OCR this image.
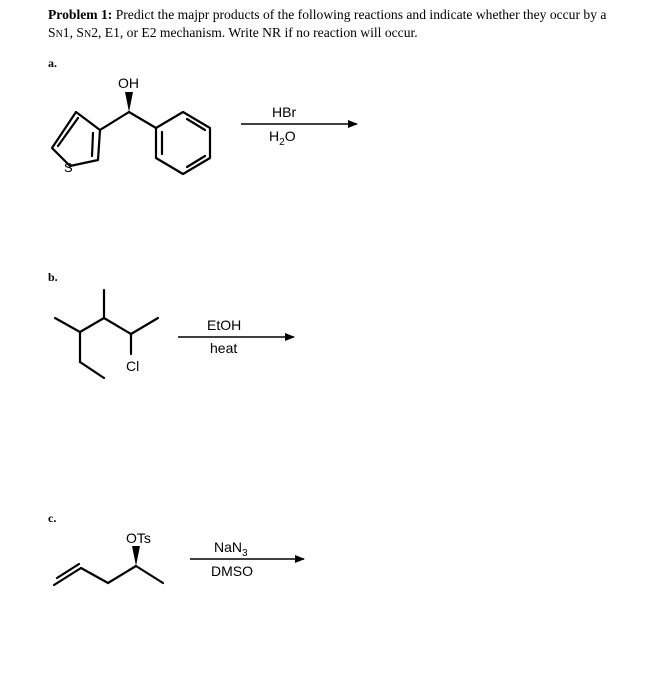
Problem 1: Predict the majpr products of the following reactions and indicate whether they occur by a SN1, SN2, E1, or E2 mechanism. Write NR if no reaction will occur.
a.
b.
c.
OH
S
HBr
$H_2O$
Cl
EtOH
heat
OTs
NaN$_3$
DMSO
